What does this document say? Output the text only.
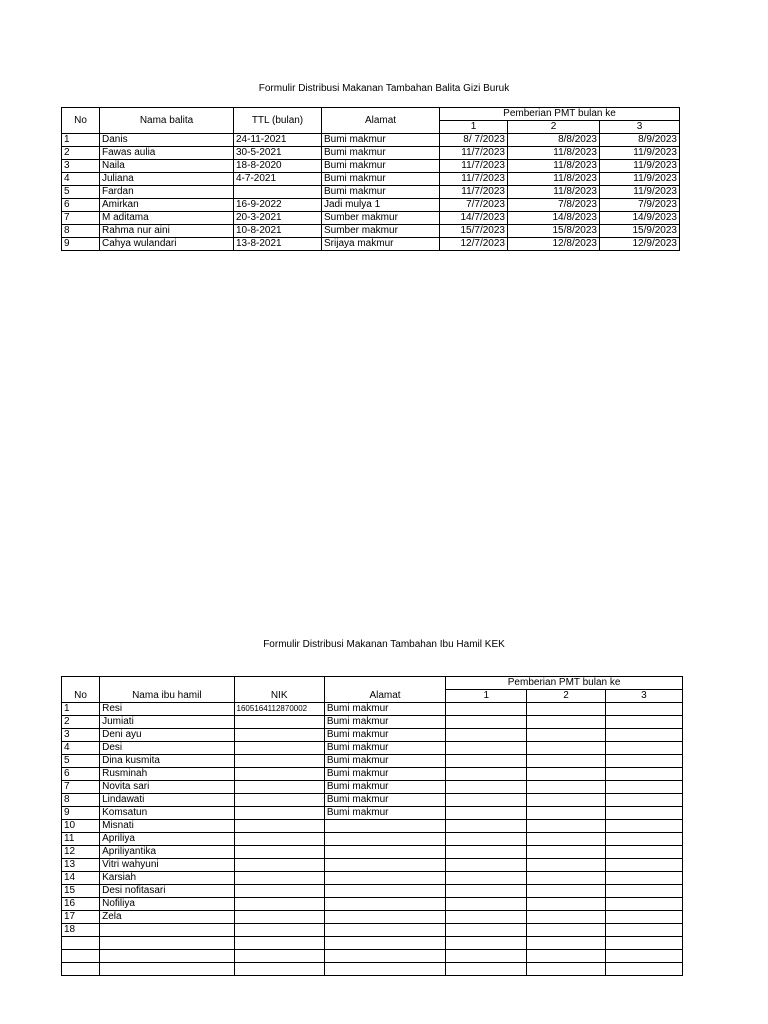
Formulir Distribusi Makanan Tambahan Balita Gizi Buruk
No	Nama balita	TTL (bulan)	Alamat	Pemberian PMT bulan ke		
				1	2	3
1	Danis	24-11-2021	Bumi makmur	8/ 7/2023	8/8/2023	8/9/2023
2	Fawas aulia	30-5-2021	Bumi makmur	11/7/2023	11/8/2023	11/9/2023
3	Naila	18-8-2020	Bumi makmur	11/7/2023	11/8/2023	11/9/2023
4	Juliana	4-7-2021	Bumi makmur	11/7/2023	11/8/2023	11/9/2023
5	Fardan		Bumi makmur	11/7/2023	11/8/2023	11/9/2023
6	Amirkan	16-9-2022	Jadi mulya 1	7/7/2023	7/8/2023	7/9/2023
7	M aditama	20-3-2021	Sumber makmur	14/7/2023	14/8/2023	14/9/2023
8	Rahma nur aini	10-8-2021	Sumber makmur	15/7/2023	15/8/2023	15/9/2023
9	Cahya wulandari	13-8-2021	Srijaya makmur	12/7/2023	12/8/2023	12/9/2023
Formulir Distribusi Makanan Tambahan Ibu Hamil KEK
No	Nama ibu hamil	NIK	Alamat	Pemberian PMT bulan ke		
				1	2	3
1	Resi	1605164112870002	Bumi makmur			
2	Jumiati		Bumi makmur			
3	Deni ayu		Bumi makmur			
4	Desi		Bumi makmur			
5	Dina kusmita		Bumi makmur			
6	Rusminah		Bumi makmur			
7	Novita sari		Bumi makmur			
8	Lindawati		Bumi makmur			
9	Komsatun		Bumi makmur			
10	Misnati					
11	Apriliya					
12	Apriliyantika					
13	Vitri wahyuni					
14	Karsiah					
15	Desi nofitasari					
16	Nofiliya					
17	Zela					
18						
